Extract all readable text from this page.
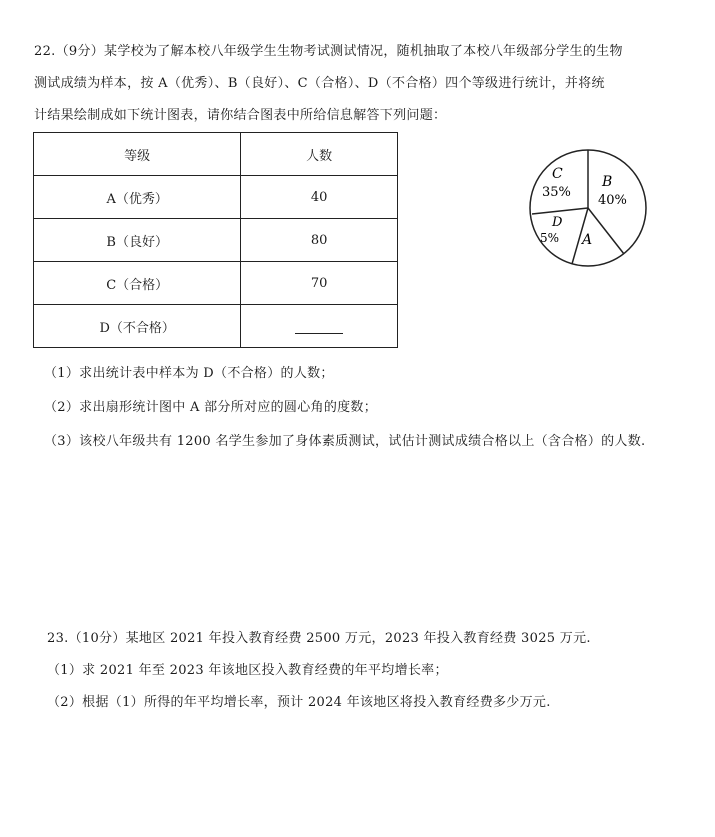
22.（9分）某学校为了解本校八年级学生生物考试测试情况，随机抽取了本校八年级部分学生的生物
测试成绩为样本，按 A（优秀）、B（良好）、C（合格）、D（不合格）四个等级进行统计，并将统
计结果绘制成如下统计图表，请你结合图表中所给信息解答下列问题：
等级	人数
A（优秀）	40
B（良好）	80
C（合格）	70
D（不合格）	
C
35%
B
40%
D
5% A
（1）求出统计表中样本为 D（不合格）的人数；
（2）求出扇形统计图中 A 部分所对应的圆心角的度数；
（3）该校八年级共有 1200 名学生参加了身体素质测试，试估计测试成绩合格以上（含合格）的人数.
23.（10分）某地区 2021 年投入教育经费 2500 万元，2023 年投入教育经费 3025 万元.
（1）求 2021 年至 2023 年该地区投入教育经费的年平均增长率；
（2）根据（1）所得的年平均增长率，预计 2024 年该地区将投入教育经费多少万元.
